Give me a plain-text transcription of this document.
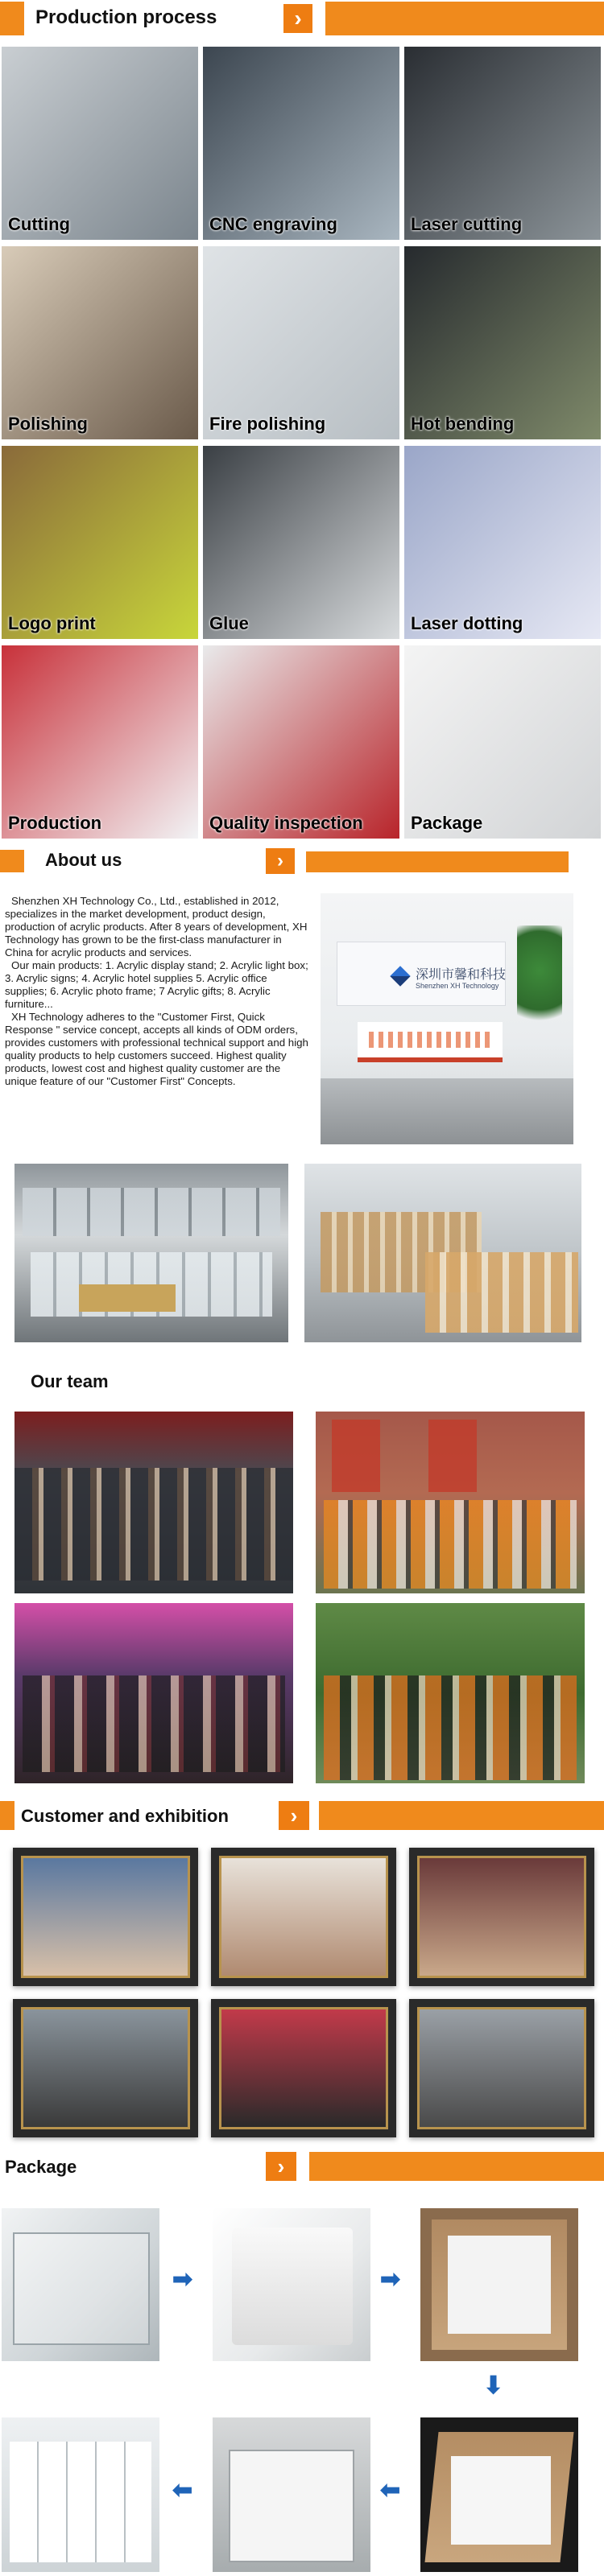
Production process	›
Cutting	CNC engraving	Laser cutting
Polishing	Fire polishing	Hot bending
Logo print	Glue	Laser dotting
Production	Quality inspection	Package
About us	›

Shenzhen XH Technology Co., Ltd., established in 2012, specializes in the market development, product design, production of acrylic products. After 8 years of development, XH Technology has grown to be the first-class manufacturer in China for acrylic products and services.

Our main products: 1. Acrylic display stand; 2. Acrylic light box; 3. Acrylic signs; 4. Acrylic hotel supplies 5. Acrylic office supplies; 6. Acrylic photo frame; 7 Acrylic gifts; 8. Acrylic furniture...

XH Technology adheres to the "Customer First, Quick Response " service concept, accepts all kinds of ODM orders, provides customers with professional technical support and high quality products to help customers succeed. Highest quality products, lowest cost and highest quality customer are the unique feature of our "Customer First" Concepts.

深圳市馨和科技
Shenzhen XH Technology
Our team
Customer and exhibition	›
Package	›
➡	➡
⬇
⬅	⬅
